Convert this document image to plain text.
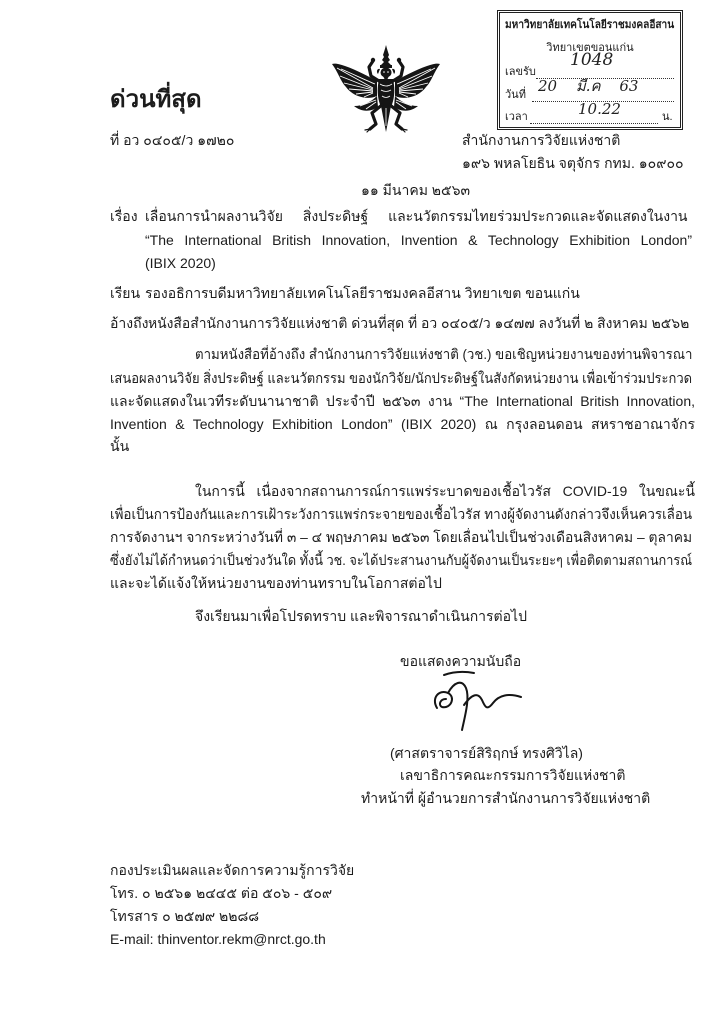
มหาวิทยาลัยเทคโนโลยีราชมงคลอีสาน
วิทยาเขตขอนแก่น
เลขรับ
1048
วันที่ 20 มี.ค 63
เวลา	10.22	น.
ด่วนที่สุด
ที่ อว ๐๔๐๕/ว ๑๗๒๐	สำนักงานการวิจัยแห่งชาติ
๑๙๖ พหลโยธิน จตุจักร กทม. ๑๐๙๐๐
๑๑ มีนาคม ๒๕๖๓
เรื่อง เลื่อนการนำผลงานวิจัย สิ่งประดิษฐ์ และนวัตกรรมไทยร่วมประกวดและจัดแสดงในงาน
“The International British Innovation, Invention & Technology Exhibition London”
(IBIX 2020)
เรียน รองอธิการบดีมหาวิทยาลัยเทคโนโลยีราชมงคลอีสาน วิทยาเขต ขอนแก่น
อ้างถึง หนังสือสำนักงานการวิจัยแห่งชาติ ด่วนที่สุด ที่ อว ๐๔๐๕/ว ๑๔๗๗ ลงวันที่ ๒ สิงหาคม ๒๕๖๒
ตามหนังสือที่อ้างถึง สำนักงานการวิจัยแห่งชาติ (วช.) ขอเชิญหน่วยงานของท่านพิจารณา
เสนอผลงานวิจัย สิ่งประดิษฐ์ และนวัตกรรม ของนักวิจัย/นักประดิษฐ์ในสังกัดหน่วยงาน เพื่อเข้าร่วมประกวด
และจัดแสดงในเวทีระดับนานาชาติ ประจำปี ๒๕๖๓ งาน “The International British Innovation,
Invention & Technology Exhibition London” (IBIX 2020) ณ กรุงลอนดอน สหราชอาณาจักร
นั้น
ในการนี้ เนื่องจากสถานการณ์การแพร่ระบาดของเชื้อไวรัส COVID-19 ในขณะนี้
เพื่อเป็นการป้องกันและการเฝ้าระวังการแพร่กระจายของเชื้อไวรัส ทางผู้จัดงานดังกล่าวจึงเห็นควรเลื่อน
การจัดงานฯ จากระหว่างวันที่ ๓ – ๔ พฤษภาคม ๒๕๖๓ โดยเลื่อนไปเป็นช่วงเดือนสิงหาคม – ตุลาคม
ซึ่งยังไม่ได้กำหนดว่าเป็นช่วงวันใด ทั้งนี้ วช. จะได้ประสานงานกับผู้จัดงานเป็นระยะๆ เพื่อติดตามสถานการณ์
และจะได้แจ้งให้หน่วยงานของท่านทราบในโอกาสต่อไป
จึงเรียนมาเพื่อโปรดทราบ และพิจารณาดำเนินการต่อไป
ขอแสดงความนับถือ
(ศาสตราจารย์สิริฤกษ์ ทรงศิวิไล)
เลขาธิการคณะกรรมการวิจัยแห่งชาติ
ทำหน้าที่ ผู้อำนวยการสำนักงานการวิจัยแห่งชาติ
กองประเมินผลและจัดการความรู้การวิจัย
โทร. ๐ ๒๕๖๑ ๒๔๔๕ ต่อ ๕๐๖ - ๕๐๙
โทรสาร ๐ ๒๕๗๙ ๒๒๘๘
E-mail: thinventor.rekm@nrct.go.th
